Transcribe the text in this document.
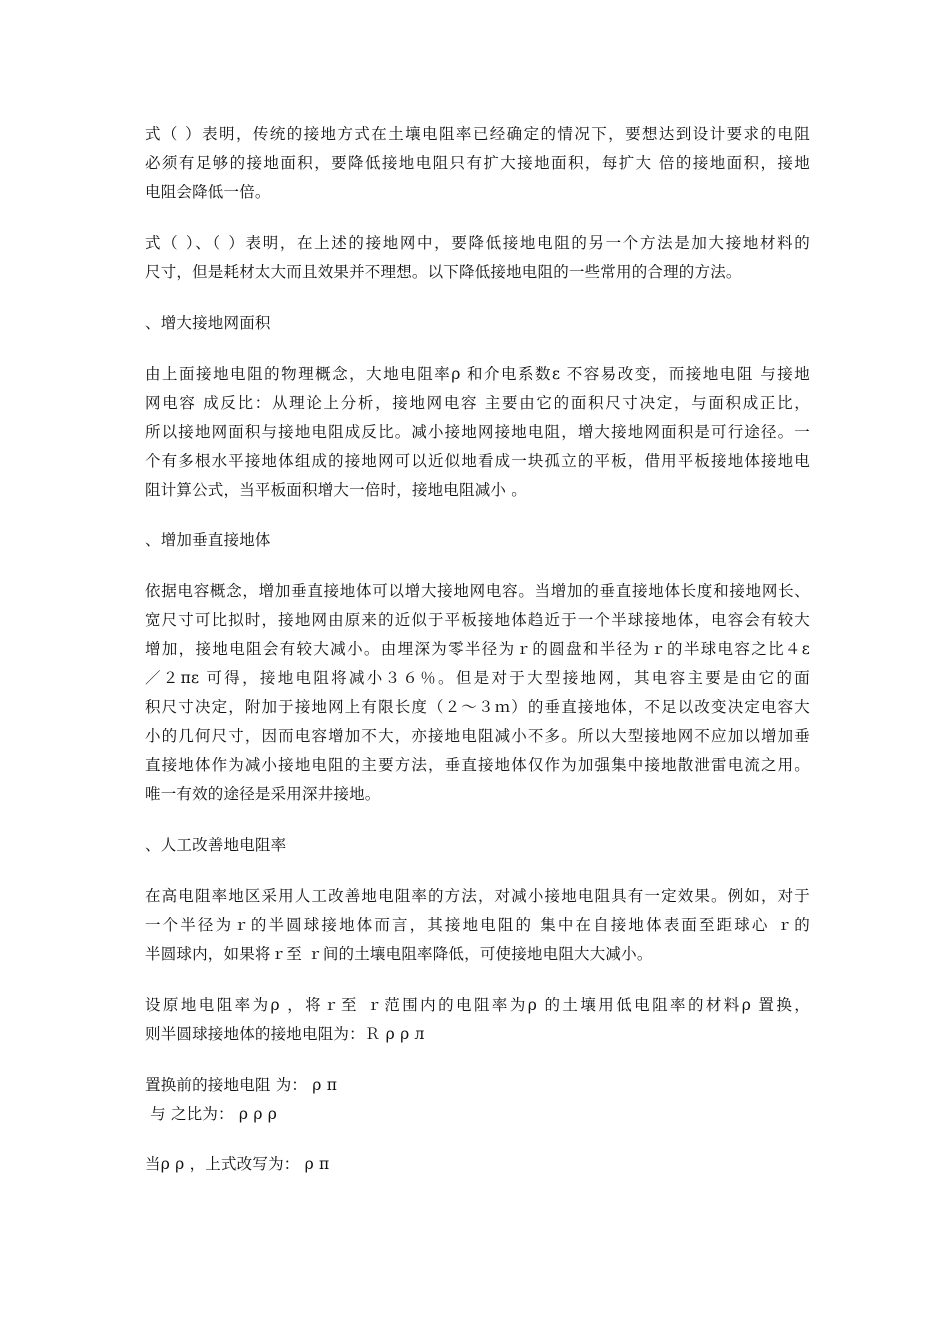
式（ ）表明，传统的接地方式在土壤电阻率已经确定的情况下，要想达到设计要求的电阻
必须有足够的接地面积，要降低接地电阻只有扩大接地面积，每扩大 倍的接地面积，接地
电阻会降低一倍。
式（ ）、（ ）表明，在上述的接地网中，要降低接地电阻的另一个方法是加大接地材料的
尺寸，但是耗材太大而且效果并不理想。以下降低接地电阻的一些常用的合理的方法。
、增大接地网面积
由上面接地电阻的物理概念，大地电阻率ρ 和介电系数ε 不容易改变，而接地电阻 与接地
网电容 成反比：从理论上分析，接地网电容 主要由它的面积尺寸决定，与面积成正比，
所以接地网面积与接地电阻成反比。减小接地网接地电阻，增大接地网面积是可行途径。一
个有多根水平接地体组成的接地网可以近似地看成一块孤立的平板，借用平板接地体接地电
阻计算公式，当平板面积增大一倍时，接地电阻减小 。
、增加垂直接地体
依据电容概念，增加垂直接地体可以增大接地网电容。当增加的垂直接地体长度和接地网长、
宽尺寸可比拟时，接地网由原来的近似于平板接地体趋近于一个半球接地体，电容会有较大
增加，接地电阻会有较大减小。由埋深为零半径为ｒ的圆盘和半径为ｒ的半球电容之比４ε
／２πε 可得，接地电阻将减小３６％。但是对于大型接地网，其电容主要是由它的面
积尺寸决定，附加于接地网上有限长度（２～３ｍ）的垂直接地体，不足以改变决定电容大
小的几何尺寸，因而电容增加不大，亦接地电阻减小不多。所以大型接地网不应加以增加垂
直接地体作为减小接地电阻的主要方法，垂直接地体仅作为加强集中接地散泄雷电流之用。
唯一有效的途径是采用深井接地。
、人工改善地电阻率
在高电阻率地区采用人工改善地电阻率的方法，对减小接地电阻具有一定效果。例如，对于
一个半径为ｒ的半圆球接地体而言，其接地电阻的 集中在自接地体表面至距球心 ｒ的
半圆球内，如果将ｒ至 ｒ间的土壤电阻率降低，可使接地电阻大大减小。
设原地电阻率为ρ ，将ｒ至 ｒ范围内的电阻率为ρ 的土壤用低电阻率的材料ρ 置换，
则半圆球接地体的接地电阻为：Ｒ ρ ρ л
置换前的接地电阻 为： ρ π
与 之比为： ρ ρ ρ
当ρ ρ ，上式改写为： ρ π
